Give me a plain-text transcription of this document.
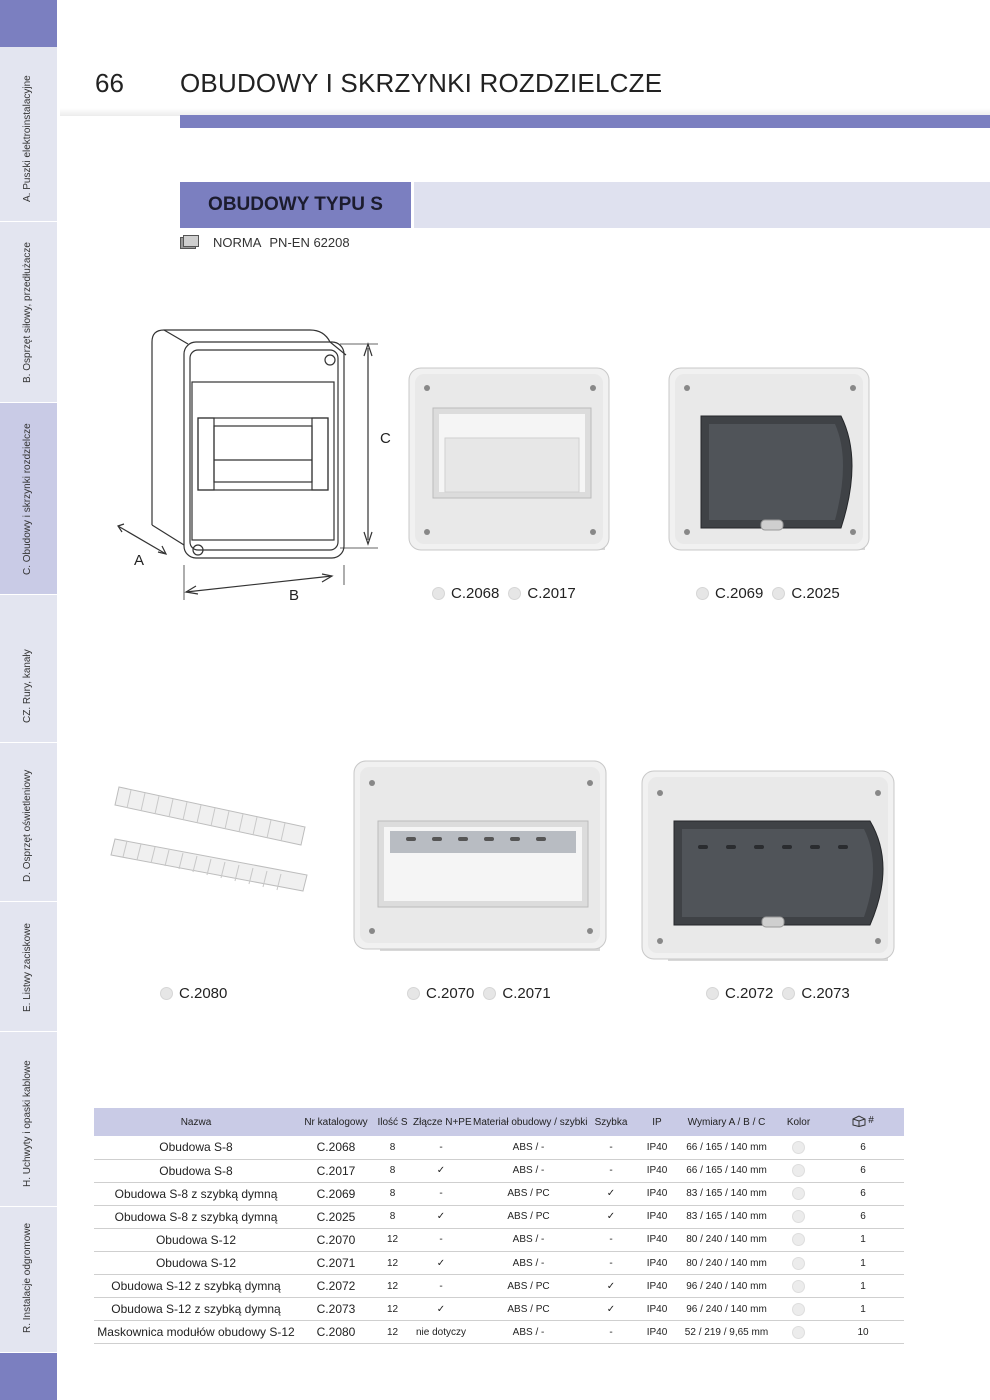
A. Puszki elektroinstalacyjne
B. Osprzęt siłowy, przedłużacze
C. Obudowy i skrzynki rozdzielcze
CZ. Rury, kanały
D. Osprzęt oświetleniowy
E. Listwy zaciskowe
H. Uchwyty i opaski kablowe
R. Instalacje odgromowe
66 OBUDOWY I SKRZYNKI ROZDZIELCZE
OBUDOWY TYPU S
NORMA PN-EN 62208
C
A
B	C.2068 C.2017	C.2069 C.2025
C.2080	C.2070 C.2071	C.2072 C.2073
Nazwa	Nr katalogowy	Ilość S	Złącze N+PE	Materiał obudowy / szybki	Szybka	IP	Wymiary A / B / C	Kolor	#

Obudowa S-8	C.2068	8	-	ABS / -	-	IP40	66 / 165 / 140 mm		6
Obudowa S-8	C.2017	8	✓	ABS / -	-	IP40	66 / 165 / 140 mm		6
Obudowa S-8 z szybką dymną	C.2069	8	-	ABS / PC	✓	IP40	83 / 165 / 140 mm		6
Obudowa S-8 z szybką dymną	C.2025	8	✓	ABS / PC	✓	IP40	83 / 165 / 140 mm		6
Obudowa S-12	C.2070	12	-	ABS / -	-	IP40	80 / 240 / 140 mm		1
Obudowa S-12	C.2071	12	✓	ABS / -	-	IP40	80 / 240 / 140 mm		1
Obudowa S-12 z szybką dymną	C.2072	12	-	ABS / PC	✓	IP40	96 / 240 / 140 mm		1
Obudowa S-12 z szybką dymną	C.2073	12	✓	ABS / PC	✓	IP40	96 / 240 / 140 mm		1
Maskownica modułów obudowy S-12	C.2080	12	nie dotyczy	ABS / -	-	IP40	52 / 219 / 9,65 mm		10
